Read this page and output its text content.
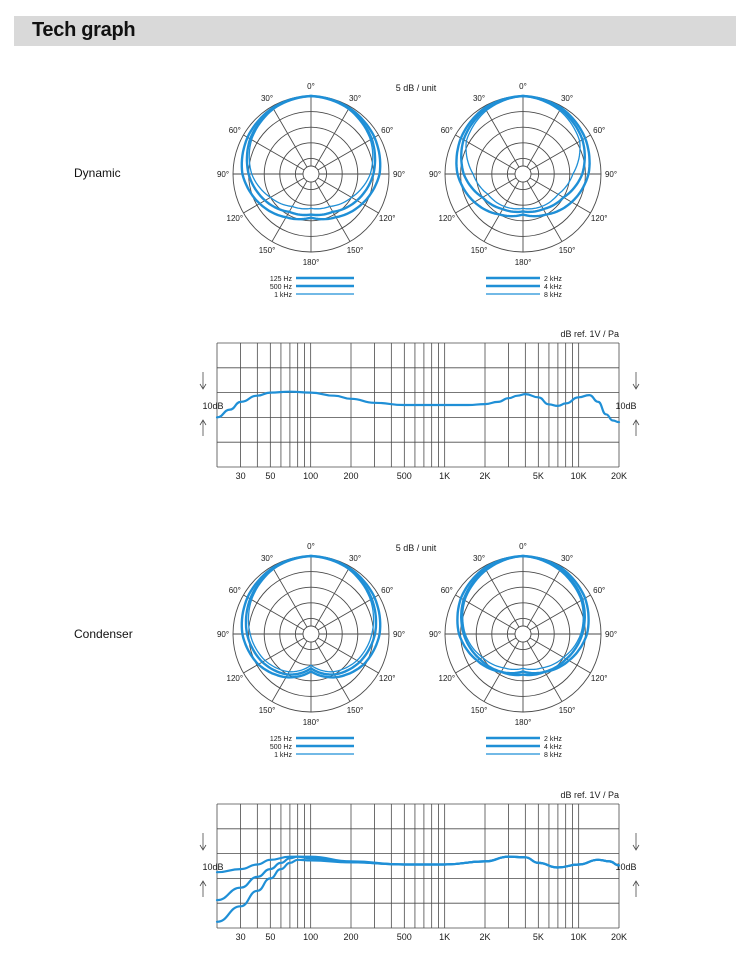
Tech graph
Dynamic
Condenser
0°
30°
60°
90°
120°
150°
180°
150°
120°
90°
60°
30°
125 Hz
500 Hz
1 kHz
0°
30°
60°
90°
120°
150°
180°
150°
120°
90°
60°
30°
2 kHz
4 kHz
8 kHz
5 dB / unit
0°
30°
60°
90°
120°
150°
180°
150°
120°
90°
60°
30°
125 Hz
500 Hz
1 kHz
0°
30°
60°
90°
120°
150°
180°
150°
120°
90°
60°
30°
2 kHz
4 kHz
8 kHz
5 dB / unit
30 50	100	200	500	1K	2K	5K	10K	20K
dB ref. 1V / Pa
10dB	10dB
30 50	100	200	500	1K	2K	5K	10K	20K
dB ref. 1V / Pa
10dB	10dB
